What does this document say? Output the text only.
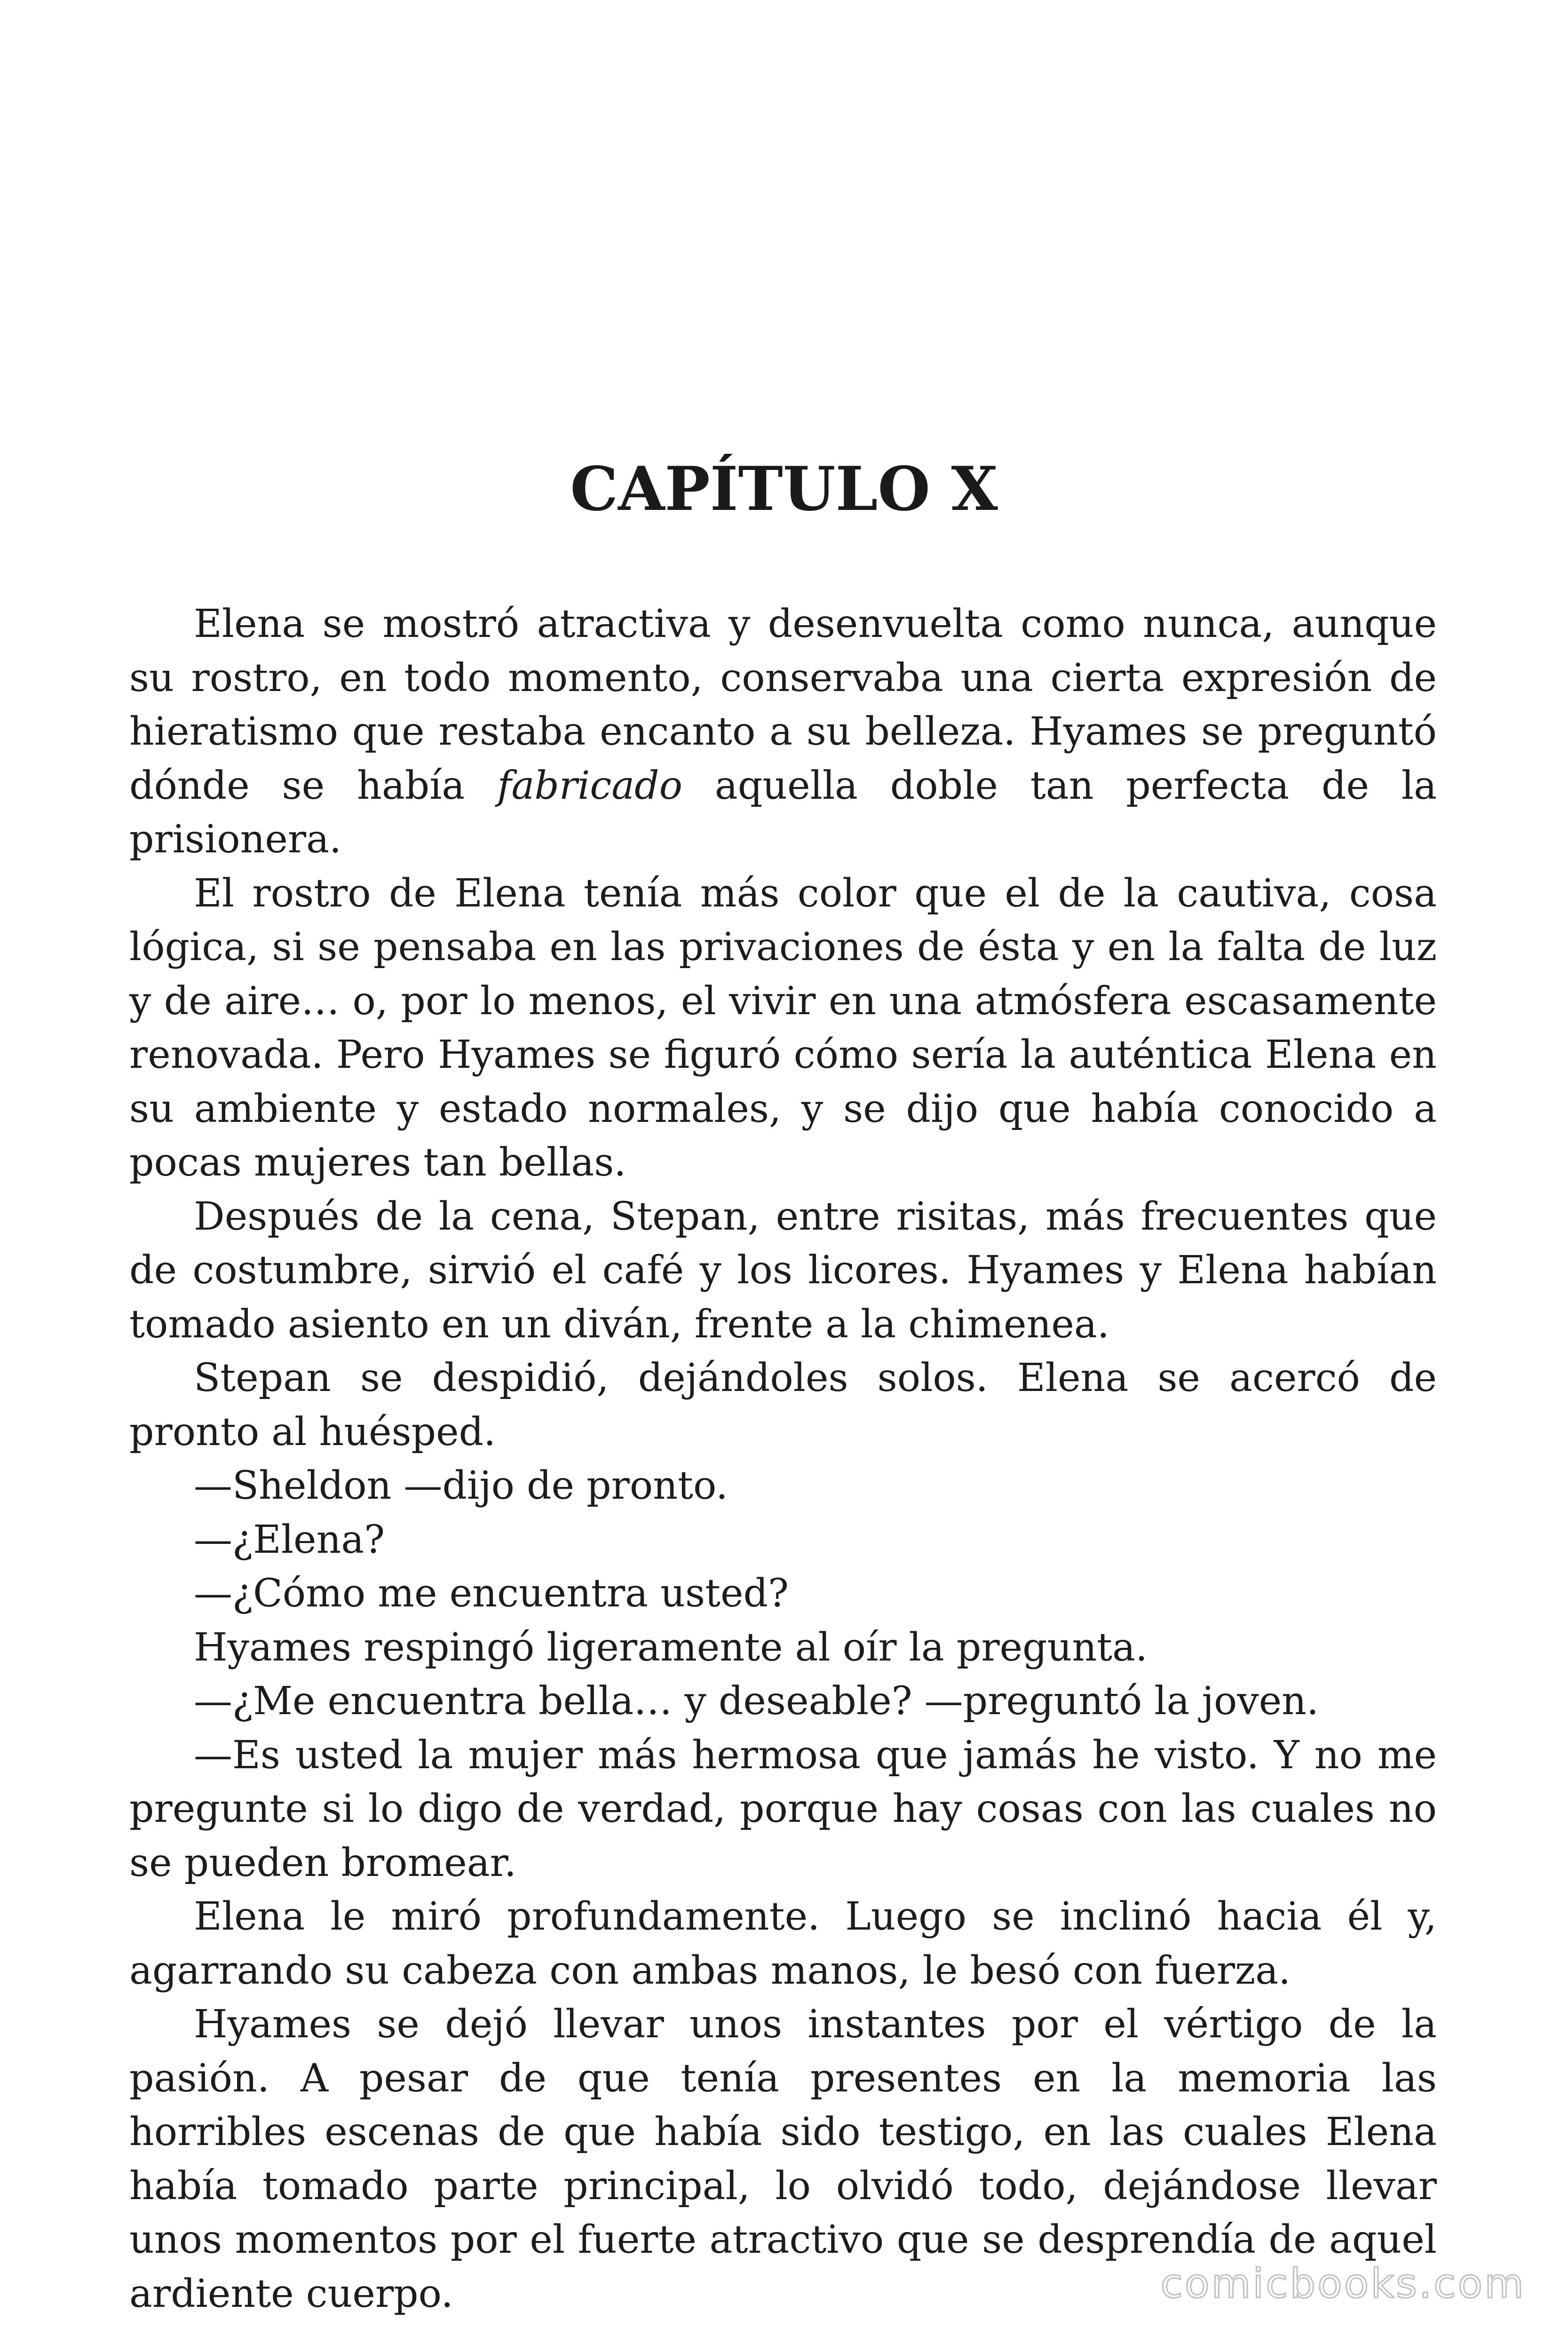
CAPÍTULO X

Elena se mostró atractiva y desenvuelta como nunca, aunque su rostro, en todo momento, conservaba una cierta expresión de hieratismo que restaba encanto a su belleza. Hyames se preguntó dónde se había fabricado aquella doble tan perfecta de la prisionera.

El rostro de Elena tenía más color que el de la cautiva, cosa lógica, si se pensaba en las privaciones de ésta y en la falta de luz y de aire… o, por lo menos, el vivir en una atmósfera escasamente renovada. Pero Hyames se figuró cómo sería la auténtica Elena en su ambiente y estado normales, y se dijo que había conocido a pocas mujeres tan bellas.

Después de la cena, Stepan, entre risitas, más frecuentes que de costumbre, sirvió el café y los licores. Hyames y Elena habían tomado asiento en un diván, frente a la chimenea.

Stepan se despidió, dejándoles solos. Elena se acercó de pronto al huésped.

—Sheldon —dijo de pronto.

—¿Elena?

—¿Cómo me encuentra usted?

Hyames respingó ligeramente al oír la pregunta.

—¿Me encuentra bella… y deseable? —preguntó la joven.

—Es usted la mujer más hermosa que jamás he visto. Y no me pregunte si lo digo de verdad, porque hay cosas con las cuales no se pueden bromear.

Elena le miró profundamente. Luego se inclinó hacia él y, agarrando su cabeza con ambas manos, le besó con fuerza.

Hyames se dejó llevar unos instantes por el vértigo de la pasión. A pesar de que tenía presentes en la memoria las horribles escenas de que había sido testigo, en las cuales Elena había tomado parte principal, lo olvidó todo, dejándose llevar unos momentos por el fuerte atractivo que se desprendía de aquel ardiente cuerpo.	comicbooks.com
